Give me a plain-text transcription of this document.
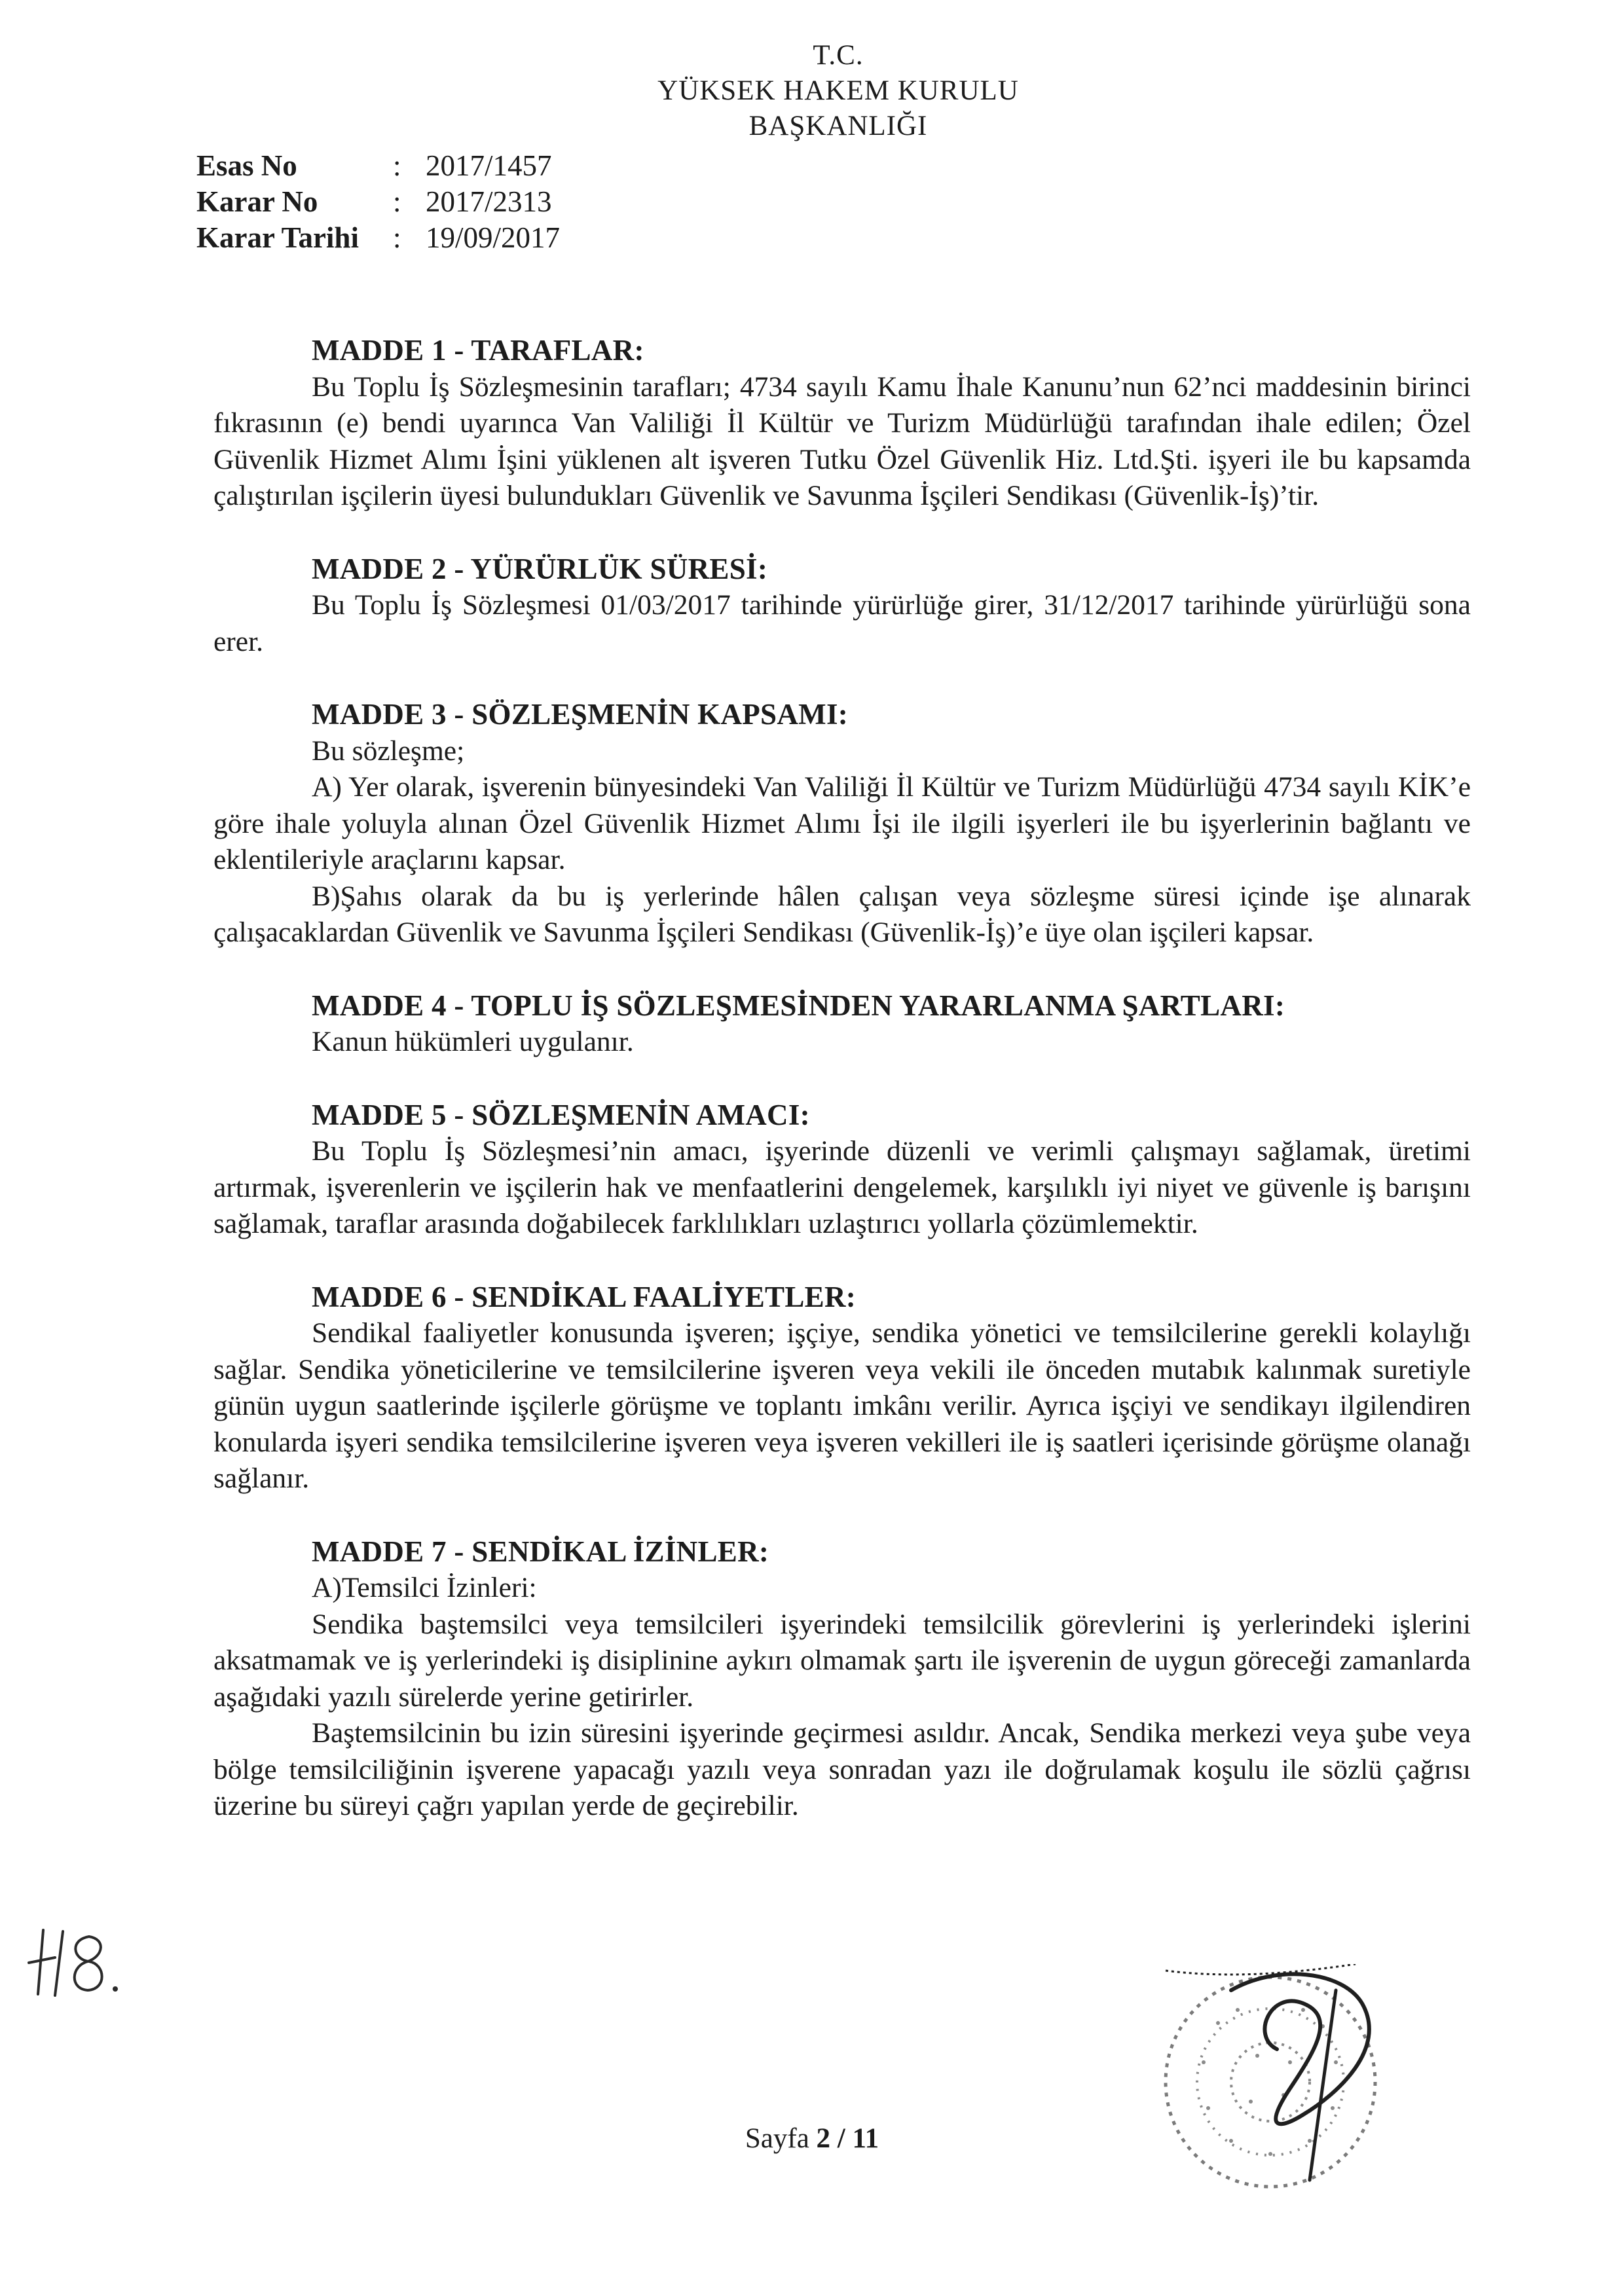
T.C.
YÜKSEK HAKEM KURULU
BAŞKANLIĞI
Esas No	: 2017/1457
Karar No	: 2017/2313
Karar Tarihi	: 19/09/2017
MADDE 1 - TARAFLAR:

Bu Toplu İş Sözleşmesinin tarafları; 4734 sayılı Kamu İhale Kanunu’nun 62’nci maddesinin birinci fıkrasının (e) bendi uyarınca Van Valiliği İl Kültür ve Turizm Müdürlüğü tarafından ihale edilen; Özel Güvenlik Hizmet Alımı İşini yüklenen alt işveren Tutku Özel Güvenlik Hiz. Ltd.Şti. işyeri ile bu kapsamda çalıştırılan işçilerin üyesi bulundukları Güvenlik ve Savunma İşçileri Sendikası (Güvenlik-İş)’tir.

MADDE 2 - YÜRÜRLÜK SÜRESİ:

Bu Toplu İş Sözleşmesi 01/03/2017 tarihinde yürürlüğe girer, 31/12/2017 tarihinde yürürlüğü sona erer.

MADDE 3 - SÖZLEŞMENİN KAPSAMI:

Bu sözleşme;

A) Yer olarak, işverenin bünyesindeki Van Valiliği İl Kültür ve Turizm Müdürlüğü 4734 sayılı KİK’e göre ihale yoluyla alınan Özel Güvenlik Hizmet Alımı İşi ile ilgili işyerleri ile bu işyerlerinin bağlantı ve eklentileriyle araçlarını kapsar.

B)Şahıs olarak da bu iş yerlerinde hâlen çalışan veya sözleşme süresi içinde işe alınarak çalışacaklardan Güvenlik ve Savunma İşçileri Sendikası (Güvenlik-İş)’e üye olan işçileri kapsar.

MADDE 4 - TOPLU İŞ SÖZLEŞMESİNDEN YARARLANMA ŞARTLARI:

Kanun hükümleri uygulanır.

MADDE 5 - SÖZLEŞMENİN AMACI:

Bu Toplu İş Sözleşmesi’nin amacı, işyerinde düzenli ve verimli çalışmayı sağlamak, üretimi artırmak, işverenlerin ve işçilerin hak ve menfaatlerini dengelemek, karşılıklı iyi niyet ve güvenle iş barışını sağlamak, taraflar arasında doğabilecek farklılıkları uzlaştırıcı yollarla çözümlemektir.

MADDE 6 - SENDİKAL FAALİYETLER:

Sendikal faaliyetler konusunda işveren; işçiye, sendika yönetici ve temsilcilerine gerekli kolaylığı sağlar. Sendika yöneticilerine ve temsilcilerine işveren veya vekili ile önceden mutabık kalınmak suretiyle günün uygun saatlerinde işçilerle görüşme ve toplantı imkânı verilir. Ayrıca işçiyi ve sendikayı ilgilendiren konularda işyeri sendika temsilcilerine işveren veya işveren vekilleri ile iş saatleri içerisinde görüşme olanağı sağlanır.

MADDE 7 - SENDİKAL İZİNLER:

A)Temsilci İzinleri:

Sendika baştemsilci veya temsilcileri işyerindeki temsilcilik görevlerini iş yerlerindeki işlerini aksatmamak ve iş yerlerindeki iş disiplinine aykırı olmamak şartı ile işverenin de uygun göreceği zamanlarda aşağıdaki yazılı sürelerde yerine getirirler.

Baştemsilcinin bu izin süresini işyerinde geçirmesi asıldır. Ancak, Sendika merkezi veya şube veya bölge temsilciliğinin işverene yapacağı yazılı veya sonradan yazı ile doğrulamak koşulu ile sözlü çağrısı üzerine bu süreyi çağrı yapılan yerde de geçirebilir.

Sayfa 2 / 11
